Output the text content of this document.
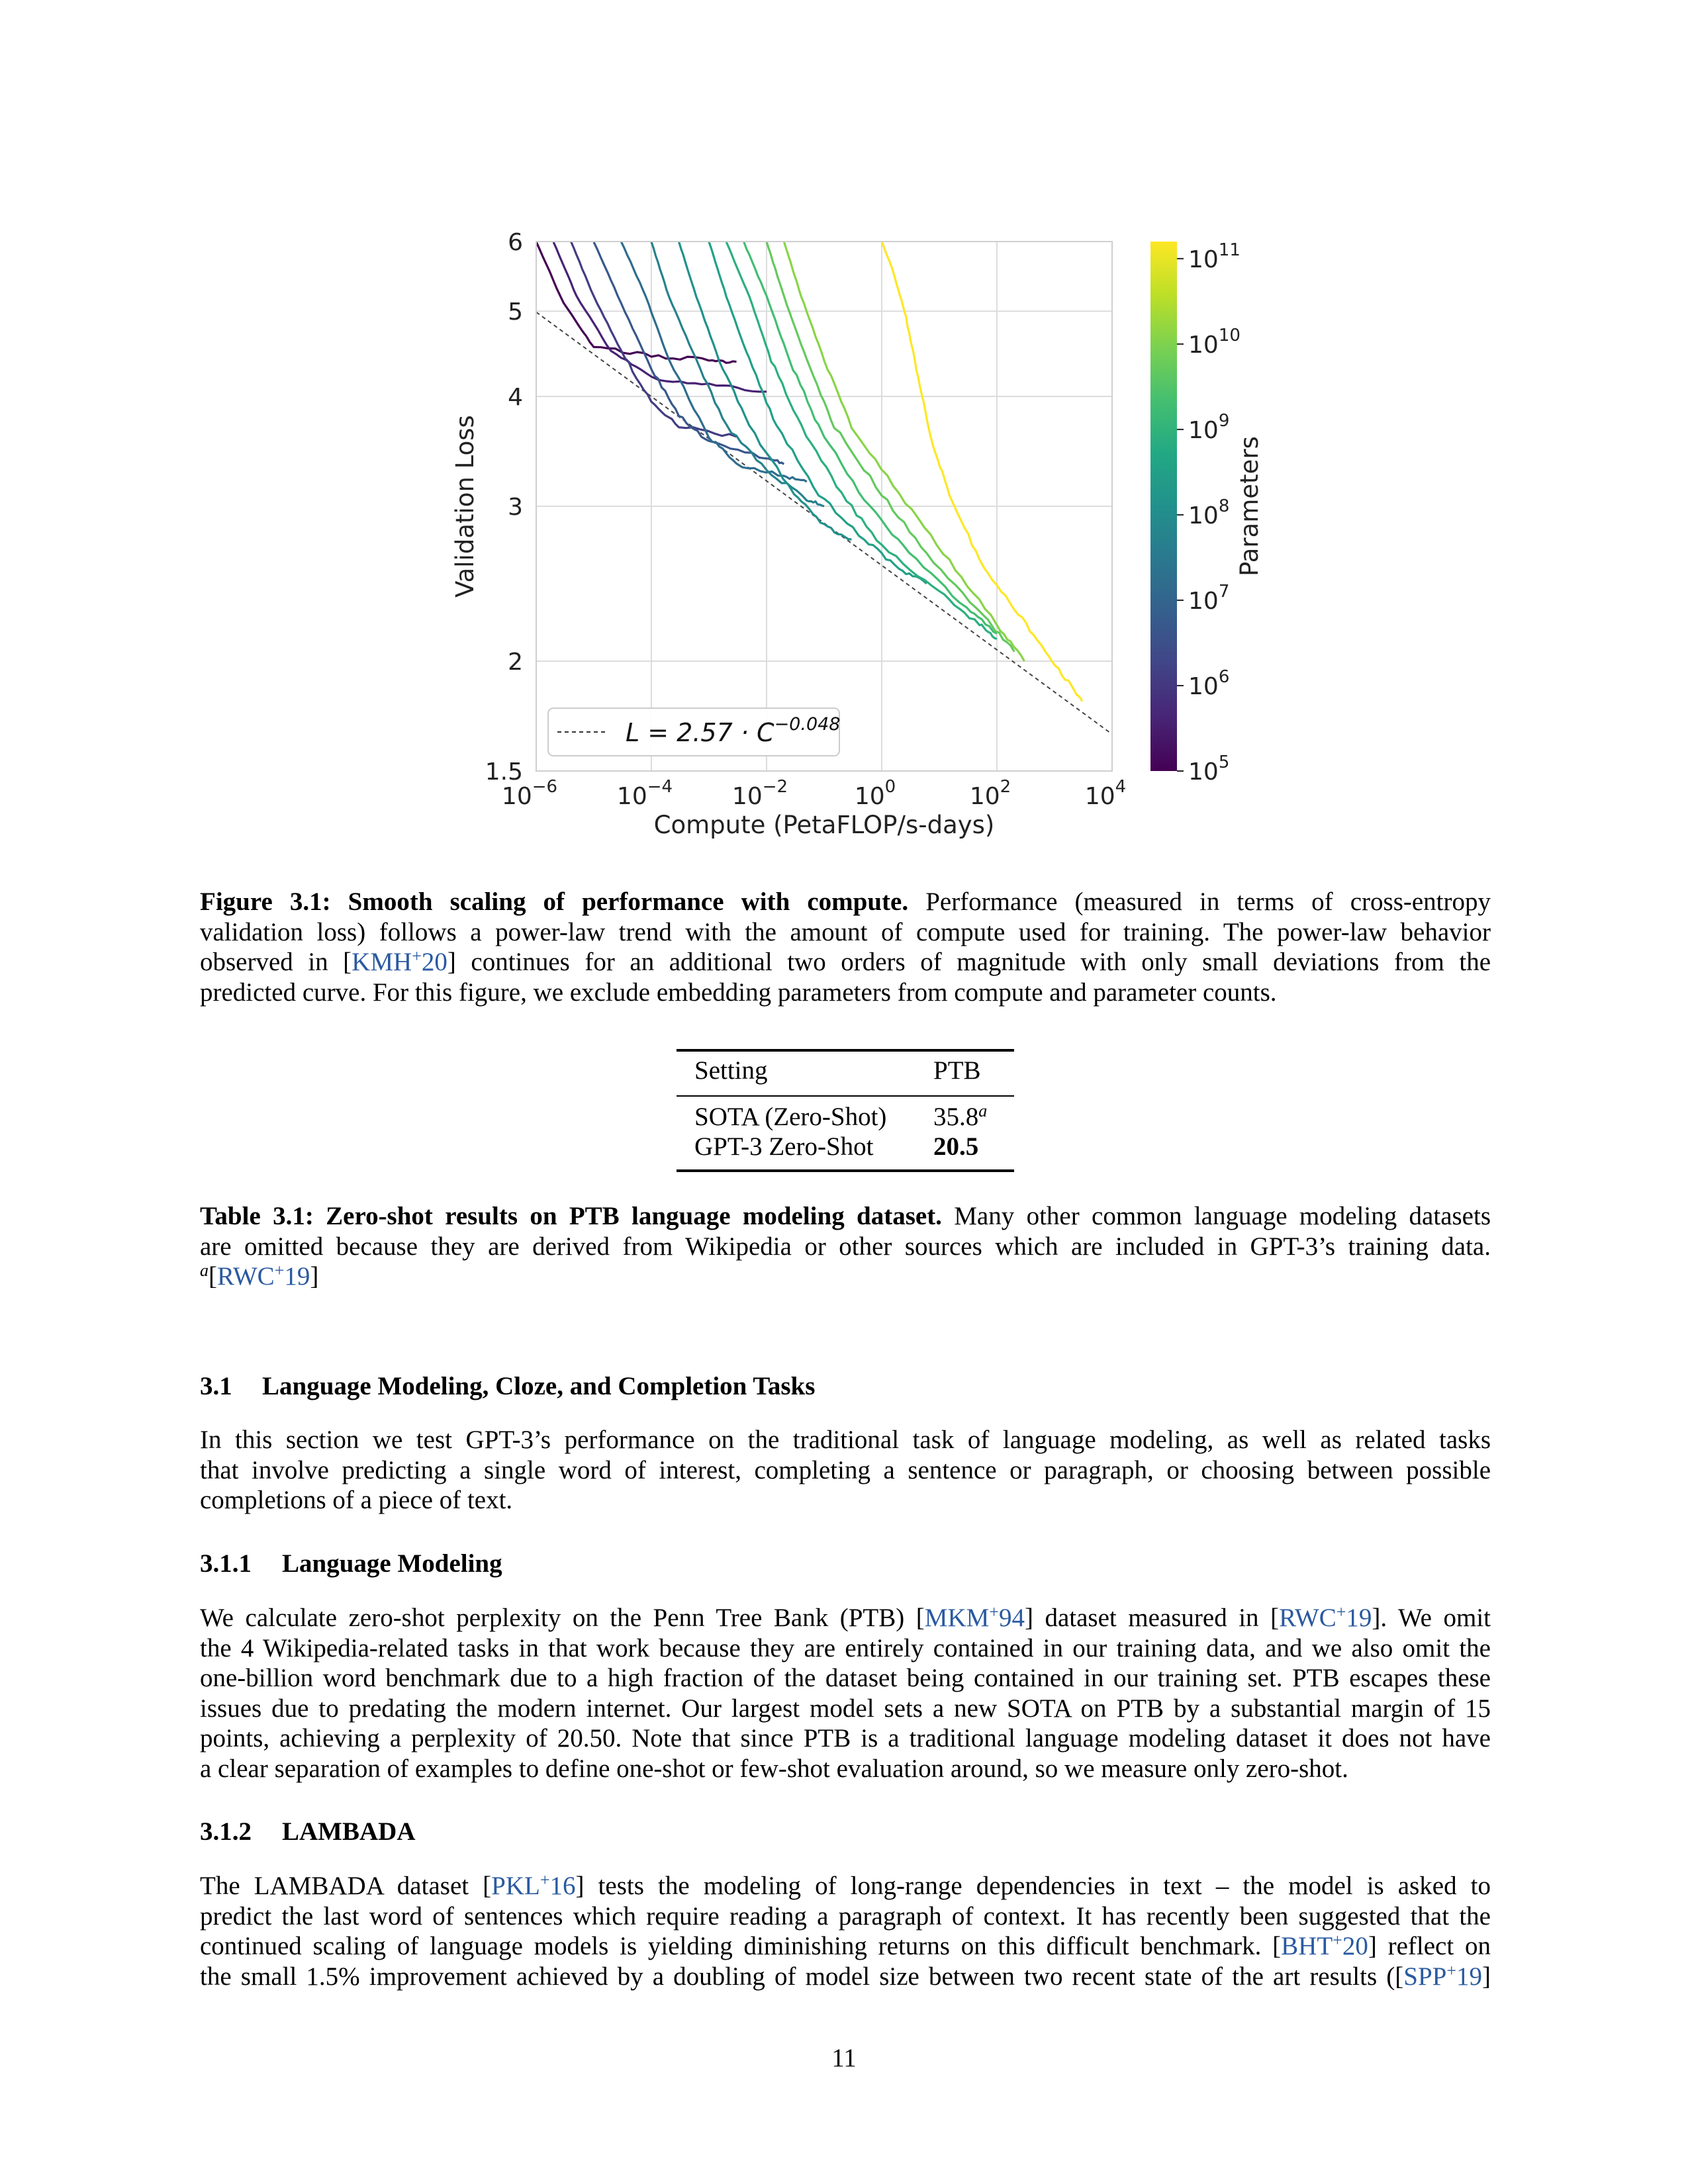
6
5
4
3
2
1.5
$10^{-6}$ $10^{-4}$ $10^{-2}$	$10^0$	$10^2$	$10^4$
Compute (PetaFLOP/s-days)
Validation Loss
$L = 2.57 \cdot C^{-0.048}$
$10^{11}$
$10^{10}$
$10^9$
$10^8$
$10^7$
$10^6$
$10^5$
Parameters
Figure 3.1: Smooth scaling of performance with compute. Performance (measured in terms of cross-entropy
validation loss) follows a power-law trend with the amount of compute used for training. The power-law behavior
observed in [KMH+20] continues for an additional two orders of magnitude with only small deviations from the
predicted curve. For this figure, we exclude embedding parameters from compute and parameter counts.
Setting	PTB
SOTA (Zero-Shot) 35.8$^a$
GPT-3 Zero-Shot 20.5
Table 3.1: Zero-shot results on PTB language modeling dataset. Many other common language modeling datasets
are omitted because they are derived from Wikipedia or other sources which are included in GPT-3’s training data.
$^a$[RWC+19]
3.1 Language Modeling, Cloze, and Completion Tasks
In this section we test GPT-3’s performance on the traditional task of language modeling, as well as related tasks
that involve predicting a single word of interest, completing a sentence or paragraph, or choosing between possible
completions of a piece of text.
3.1.1 Language Modeling
We calculate zero-shot perplexity on the Penn Tree Bank (PTB) [MKM+94] dataset measured in [RWC+19]. We omit
the 4 Wikipedia-related tasks in that work because they are entirely contained in our training data, and we also omit the
one-billion word benchmark due to a high fraction of the dataset being contained in our training set. PTB escapes these
issues due to predating the modern internet. Our largest model sets a new SOTA on PTB by a substantial margin of 15
points, achieving a perplexity of 20.50. Note that since PTB is a traditional language modeling dataset it does not have
a clear separation of examples to define one-shot or few-shot evaluation around, so we measure only zero-shot.
3.1.2 LAMBADA
The LAMBADA dataset [PKL+16] tests the modeling of long-range dependencies in text – the model is asked to
predict the last word of sentences which require reading a paragraph of context. It has recently been suggested that the
continued scaling of language models is yielding diminishing returns on this difficult benchmark. [BHT+20] reflect on
the small 1.5% improvement achieved by a doubling of model size between two recent state of the art results ([SPP+19]
11
